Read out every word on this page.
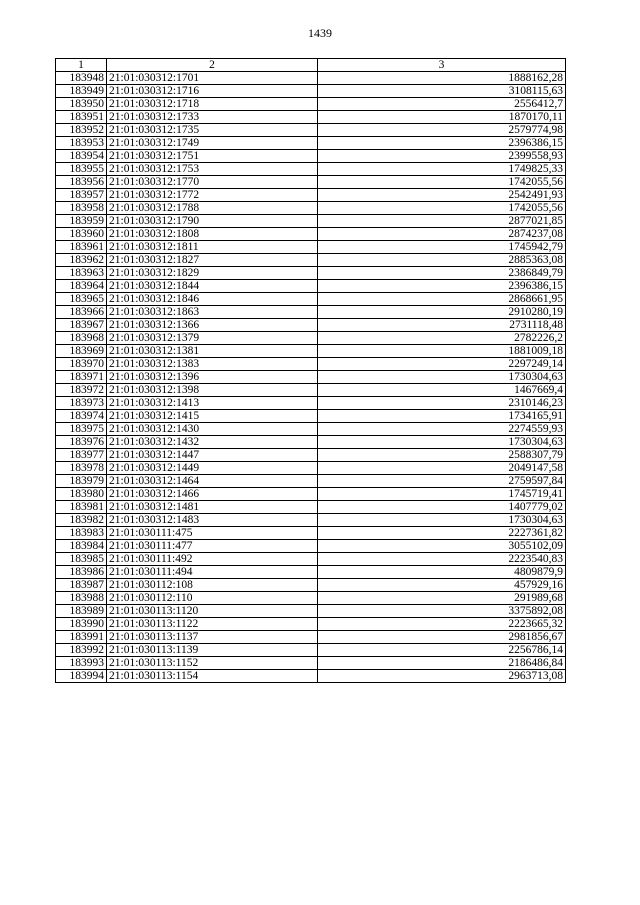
1439
1	2	3
183948	21:01:030312:1701	1888162,28
183949	21:01:030312:1716	3108115,63
183950	21:01:030312:1718	2556412,7
183951	21:01:030312:1733	1870170,11
183952	21:01:030312:1735	2579774,98
183953	21:01:030312:1749	2396386,15
183954	21:01:030312:1751	2399558,93
183955	21:01:030312:1753	1749825,33
183956	21:01:030312:1770	1742055,56
183957	21:01:030312:1772	2542491,93
183958	21:01:030312:1788	1742055,56
183959	21:01:030312:1790	2877021,85
183960	21:01:030312:1808	2874237,08
183961	21:01:030312:1811	1745942,79
183962	21:01:030312:1827	2885363,08
183963	21:01:030312:1829	2386849,79
183964	21:01:030312:1844	2396386,15
183965	21:01:030312:1846	2868661,95
183966	21:01:030312:1863	2910280,19
183967	21:01:030312:1366	2731118,48
183968	21:01:030312:1379	2782226,2
183969	21:01:030312:1381	1881009,18
183970	21:01:030312:1383	2297249,14
183971	21:01:030312:1396	1730304,63
183972	21:01:030312:1398	1467669,4
183973	21:01:030312:1413	2310146,23
183974	21:01:030312:1415	1734165,91
183975	21:01:030312:1430	2274559,93
183976	21:01:030312:1432	1730304,63
183977	21:01:030312:1447	2588307,79
183978	21:01:030312:1449	2049147,58
183979	21:01:030312:1464	2759597,84
183980	21:01:030312:1466	1745719,41
183981	21:01:030312:1481	1407779,02
183982	21:01:030312:1483	1730304,63
183983	21:01:030111:475	2227361,82
183984	21:01:030111:477	3055102,09
183985	21:01:030111:492	2223540,83
183986	21:01:030111:494	4809879,9
183987	21:01:030112:108	457929,16
183988	21:01:030112:110	291989,68
183989	21:01:030113:1120	3375892,08
183990	21:01:030113:1122	2223665,32
183991	21:01:030113:1137	2981856,67
183992	21:01:030113:1139	2256786,14
183993	21:01:030113:1152	2186486,84
183994	21:01:030113:1154	2963713,08
